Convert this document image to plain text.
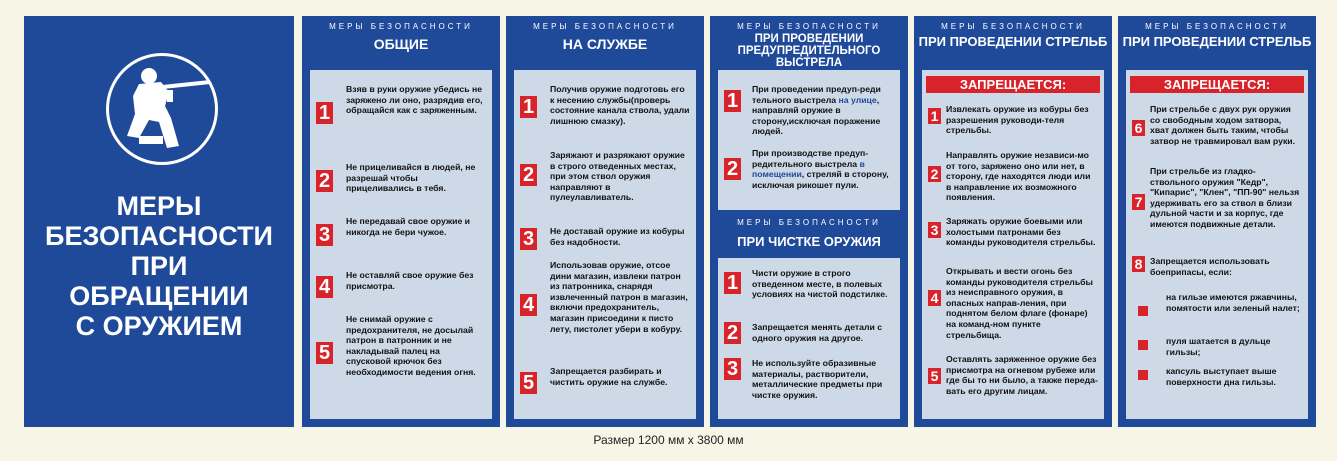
МЕРЫ
БЕЗОПАСНОСТИ
ПРИ
ОБРАЩЕНИИ
С ОРУЖИЕМ
МЕРЫ БЕЗОПАСНОСТИ
ОБЩИЕ
1
Взяв в руки оружие убедись не заряжено ли оно, разрядив его, обращайся как с заряженным.
2
Не прицеливайся в людей, не разрешай чтобы прицеливались в тебя.
3
Не передавай свое оружие и никогда не бери чужое.
4
Не оставляй свое оружие без присмотра.
5
Не снимай оружие с предохранителя, не досылай патрон в патронник и не накладывай палец на спусковой крючок без необходимости ведения огня.
МЕРЫ БЕЗОПАСНОСТИ
НА СЛУЖБЕ
1
Получив оружие подготовь его к несению службы(проверь состояние канала ствола, удали лишнюю смазку).
2
Заряжают и разряжают оружие в строго отведенных местах, при этом ствол оружия направляют в пулеулавливатель.
3	Не доставай оружие из кобуры без надобности.
4
Использовав оружие, отсое дини магазин, извлеки патрон из патронника, снарядя извлеченный патрон в магазин, включи предохранитель, магазин присоедини к писто лету, пистолет убери в кобуру.
5
Запрещается разбирать и чистить оружие на службе.
МЕРЫ БЕЗОПАСНОСТИ
ПРИ ПРОВЕДЕНИИ ПРЕДУПРЕДИТЕЛЬНОГО ВЫСТРЕЛА
1
При проведении предуп-реди тельного выстрела на улице, направляй оружие в сторону,исключая поражение людей.
2
При производстве предуп-редительного выстрела в помещении, стреляй в сторону, исключая рикошет пули.
МЕРЫ БЕЗОПАСНОСТИ
ПРИ ЧИСТКЕ ОРУЖИЯ
1	Чисти оружие в строго отведенном месте, в полевых условиях на чистой подстилке.
2	Запрещается менять детали с одного оружия на другое.
3	Не используйте образивные материалы, растворители, металлические предметы при чистке оружия.
МЕРЫ БЕЗОПАСНОСТИ
ПРИ ПРОВЕДЕНИИ СТРЕЛЬБ
ЗАПРЕЩАЕТСЯ:
1 Извлекать оружие из кобуры без разрешения руководи-теля стрельбы.
2
Направлять оружие независи-мо от того, заряжено оно или нет, в сторону, где находятся люди или в направление их возможного появления.
3
Заряжать оружие боевыми или холостыми патронами без команды руководителя стрельбы.
4
Открывать и вести огонь без команды руководителя стрельбы из неисправного оружия, в опасных направ-ления, при поднятом белом флаге (фонаре) на команд-ном пункте стрельбища.
5
Оставлять заряженное оружие без присмотра на огневом рубеже или где бы то ни было, а также переда-вать его другим лицам.
МЕРЫ БЕЗОПАСНОСТИ
ПРИ ПРОВЕДЕНИИ СТРЕЛЬБ
ЗАПРЕЩАЕТСЯ:
6
При стрельбе с двух рук оружия со свободным ходом затвора, хват должен быть таким, чтобы затвор не травмировал вам руки.
7
При стрельбе из гладко-ствольного оружия "Кедр", "Кипарис", "Клен", "ПП-90" нельзя удерживать его за ствол в близи дульной части и за корпус, где имеются подвижные детали.
8 Запрещается использовать боеприпасы, если:
на гильзе имеются ржавчины, помятости или зеленый налет;
пуля шатается в дульце гильзы;
капсуль выступает выше поверхности дна гильзы.
Размер 1200 мм х 3800 мм
